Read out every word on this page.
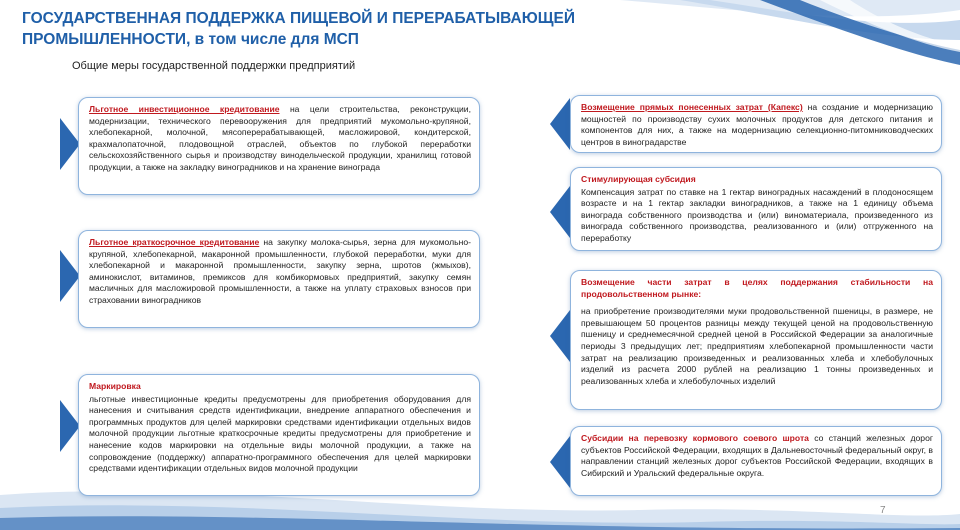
ГОСУДАРСТВЕННАЯ ПОДДЕРЖКА ПИЩЕВОЙ И ПЕРЕРАБАТЫВАЮЩЕЙ
ПРОМЫШЛЕННОСТИ, в том числе для МСП
Общие меры государственной поддержки предприятий
Льготное инвестиционное кредитование на цели строительства, реконструкции, модернизации, технического перевооружения для предприятий мукомольно-крупяной, хлебопекарной, молочной, мясоперерабатывающей, масложировой, кондитерской, крахмалопаточной, плодовощной отраслей, объектов по глубокой переработки сельскохозяйственного сырья и производству винодельческой продукции, хранилищ готовой продукции, а также на закладку виноградников и на хранение винограда
Льготное краткосрочное кредитование на закупку молока-сырья, зерна для мукомольно-крупяной, хлебопекарной, макаронной промышленности, глубокой переработки, муки для хлебопекарной и макаронной промышленности, закупку зерна, шротов (жмыхов), аминокислот, витаминов, премиксов для комбикормовых предприятий, закупку семян масличных для масложировой промышленности, а также на уплату страховых взносов при страховании виноградников
Маркировка
льготные инвестиционные кредиты предусмотрены для приобретения оборудования для нанесения и считывания средств идентификации, внедрение аппаратного обеспечения и программных продуктов для целей маркировки средствами идентификации отдельных видов молочной продукции льготные краткосрочные кредиты предусмотрены для приобретение и нанесение кодов маркировки на отдельные виды молочной продукции, а также на сопровождение (поддержку) аппаратно-программного обеспечения для целей маркировки средствами идентификации отдельных видов молочной продукции
Возмещение прямых понесенных затрат (Капекс) на создание и модернизацию мощностей по производству сухих молочных продуктов для детского питания и компонентов для них, а также на модернизацию селекционно-питомниководческих центров в виноградарстве
Стимулирующая субсидия
Компенсация затрат по ставке на 1 гектар виноградных насаждений в плодоносящем возрасте и на 1 гектар закладки виноградников, а также на 1 единицу объема винограда собственного производства и (или) виноматериала, произведенного из винограда собственного производства, реализованного и (или) отгруженного на переработку
Возмещение части затрат в целях поддержания стабильности на продовольственном рынке:
на приобретение производителями муки продовольственной пшеницы, в размере, не превышающем 50 процентов разницы между текущей ценой на продовольственную пшеницу и среднемесячной средней ценой в Российской Федерации за аналогичные периоды 3 предыдущих лет; предприятиям хлебопекарной промышленности части затрат на реализацию произведенных и реализованных хлеба и хлебобулочных изделий из расчета 2000 рублей на реализацию 1 тонны произведенных и реализованных хлеба и хлебобулочных изделий
Субсидии на перевозку кормового соевого шрота со станций железных дорог субъектов Российской Федерации, входящих в Дальневосточный федеральный округ, в направлении станций железных дорог субъектов Российской Федерации, входящих в Сибирский и Уральский федеральные округа.
7
